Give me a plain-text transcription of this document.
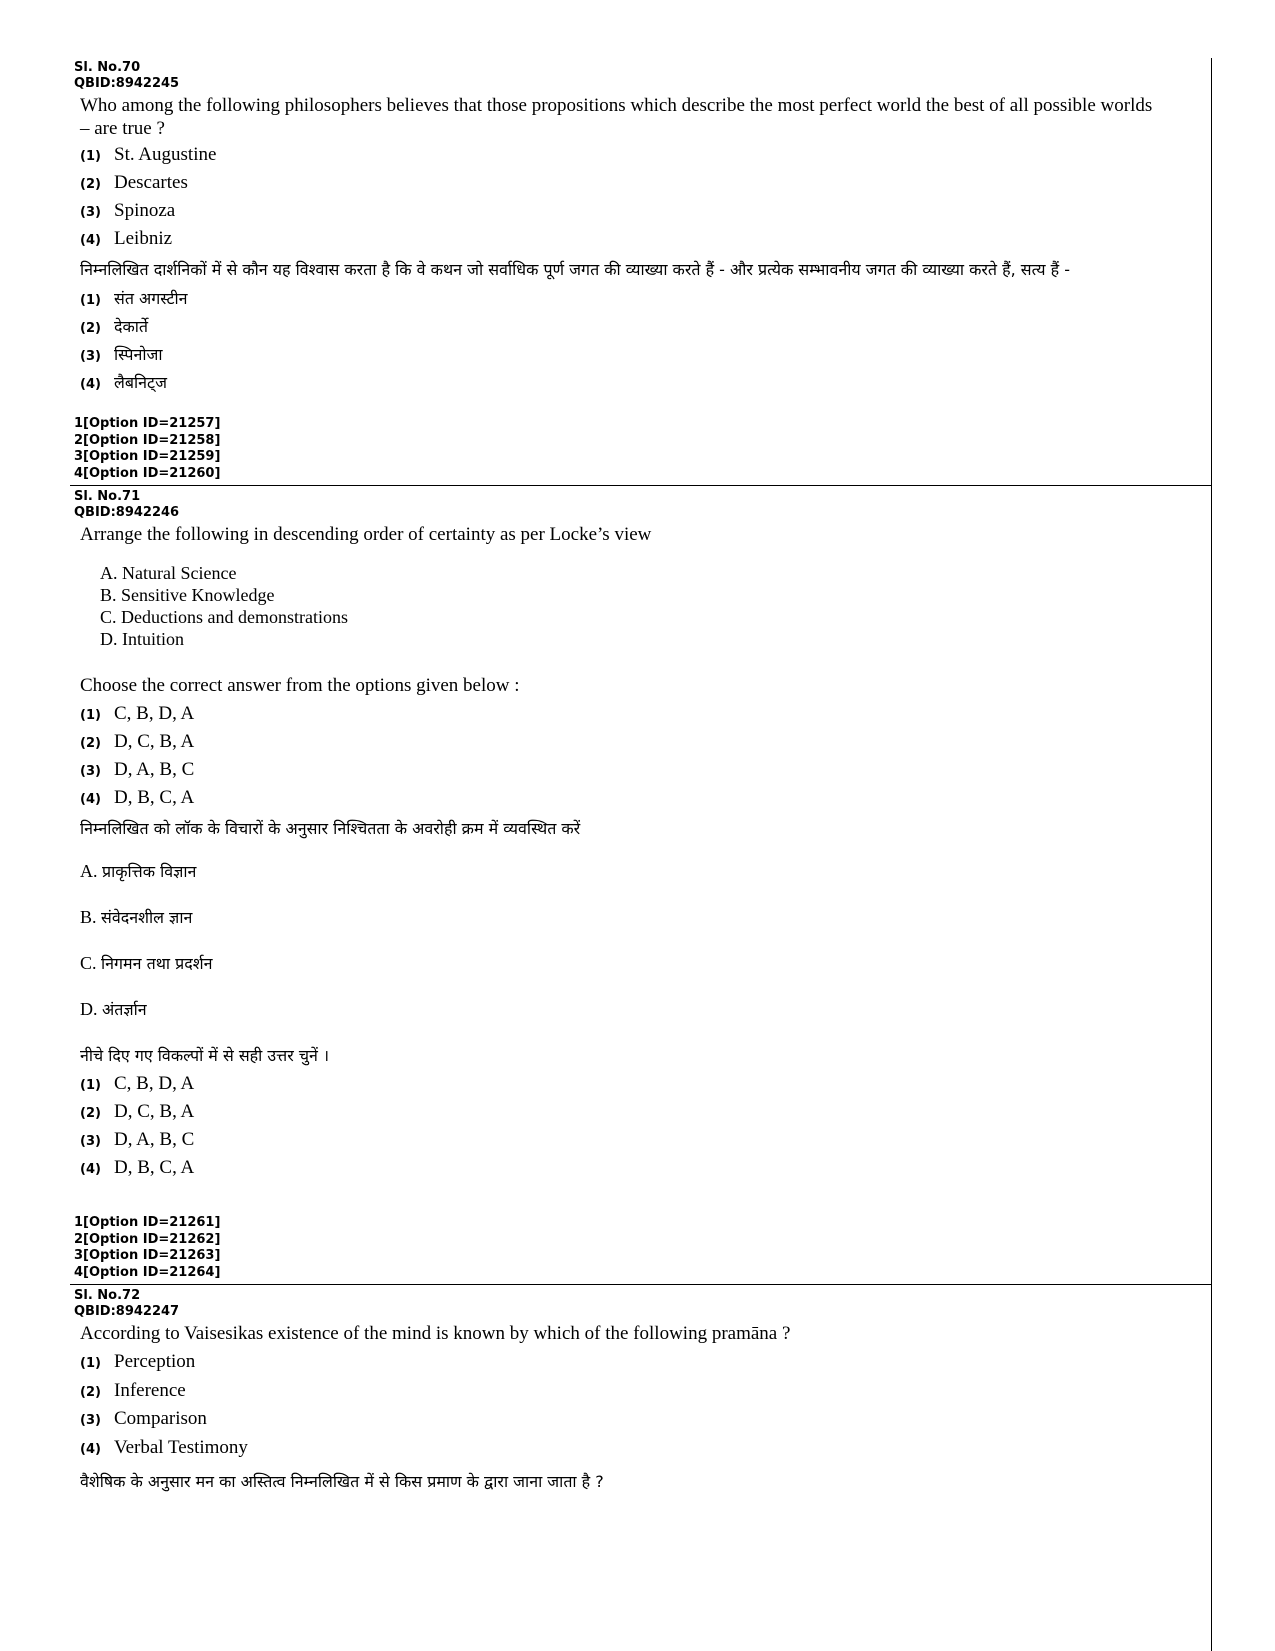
Sl. No.70
QBID:8942245
Who among the following philosophers believes that those propositions which describe the most perfect world the best of all possible worlds – are true ?
(1) St. Augustine
(2) Descartes
(3) Spinoza
(4) Leibniz
निम्नलिखित दार्शनिकों में से कौन यह विश्वास करता है कि वे कथन जो सर्वाधिक पूर्ण जगत की व्याख्या करते हैं - और प्रत्येक सम्भावनीय जगत की व्याख्या करते हैं, सत्य हैं -
(1) संत अगस्टीन
(2) देकार्ते
(3) स्पिनोजा
(4) लैबनिट्ज
1[Option ID=21257]
2[Option ID=21258]
3[Option ID=21259]
4[Option ID=21260]
Sl. No.71
QBID:8942246
Arrange the following in descending order of certainty as per Locke’s view
A. Natural Science
B. Sensitive Knowledge
C. Deductions and demonstrations
D. Intuition
Choose the correct answer from the options given below :
(1) C, B, D, A
(2) D, C, B, A
(3) D, A, B, C
(4) D, B, C, A
निम्नलिखित को लॉक के विचारों के अनुसार निश्चितता के अवरोही क्रम में व्यवस्थित करें
A. प्राकृत्तिक विज्ञान
B. संवेदनशील ज्ञान
C. निगमन तथा प्रदर्शन
D. अंतर्ज्ञान
नीचे दिए गए विकल्पों में से सही उत्तर चुनें ।
(1) C, B, D, A
(2) D, C, B, A
(3) D, A, B, C
(4) D, B, C, A
1[Option ID=21261]
2[Option ID=21262]
3[Option ID=21263]
4[Option ID=21264]
Sl. No.72
QBID:8942247
According to Vaisesikas existence of the mind is known by which of the following pramāna ?
(1) Perception
(2) Inference
(3) Comparison
(4) Verbal Testimony
वैशेषिक के अनुसार मन का अस्तित्व निम्नलिखित में से किस प्रमाण के द्वारा जाना जाता है ?
